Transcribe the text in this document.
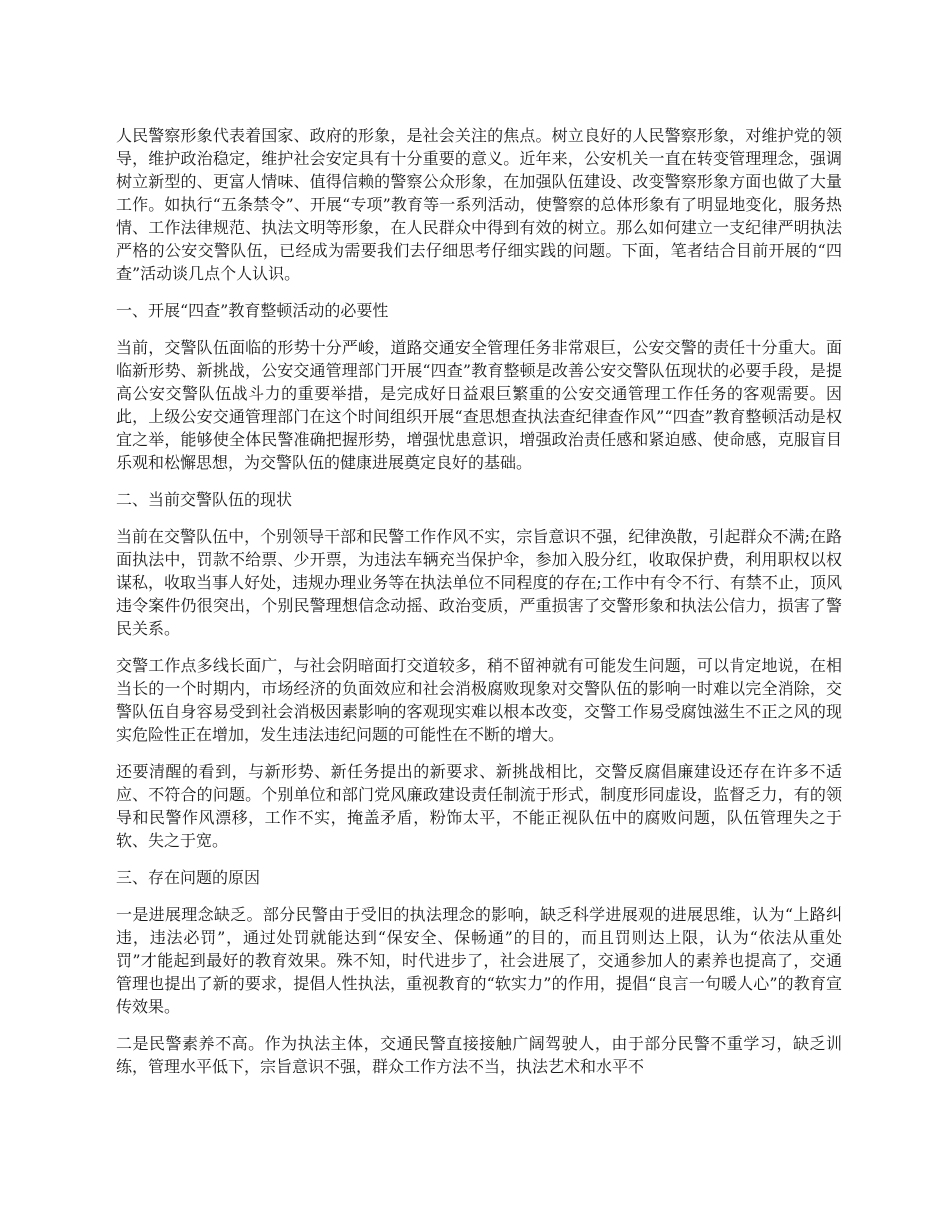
人民警察形象代表着国家、政府的形象，是社会关注的焦点。树立良好的人民警察形象，对维护党的领导，维护政治稳定，维护社会安定具有十分重要的意义。近年来，公安机关一直在转变管理理念，强调树立新型的、更富人情味、值得信赖的警察公众形象，在加强队伍建设、改变警察形象方面也做了大量工作。如执行“五条禁令”、开展“专项”教育等一系列活动，使警察的总体形象有了明显地变化，服务热情、工作法律规范、执法文明等形象，在人民群众中得到有效的树立。那么如何建立一支纪律严明执法严格的公安交警队伍，已经成为需要我们去仔细思考仔细实践的问题。下面，笔者结合目前开展的“四查”活动谈几点个人认识。

一、开展“四查”教育整顿活动的必要性

当前，交警队伍面临的形势十分严峻，道路交通安全管理任务非常艰巨，公安交警的责任十分重大。面临新形势、新挑战，公安交通管理部门开展“四查”教育整顿是改善公安交警队伍现状的必要手段，是提高公安交警队伍战斗力的重要举措，是完成好日益艰巨繁重的公安交通管理工作任务的客观需要。因此，上级公安交通管理部门在这个时间组织开展“查思想查执法查纪律查作风”“四查”教育整顿活动是权宜之举，能够使全体民警准确把握形势，增强忧患意识，增强政治责任感和紧迫感、使命感，克服盲目乐观和松懈思想，为交警队伍的健康进展奠定良好的基础。

二、当前交警队伍的现状

当前在交警队伍中，个别领导干部和民警工作作风不实，宗旨意识不强，纪律涣散，引起群众不满;在路面执法中，罚款不给票、少开票，为违法车辆充当保护伞，参加入股分红，收取保护费，利用职权以权谋私，收取当事人好处，违规办理业务等在执法单位不同程度的存在;工作中有令不行、有禁不止，顶风违令案件仍很突出，个别民警理想信念动摇、政治变质，严重损害了交警形象和执法公信力，损害了警民关系。

交警工作点多线长面广，与社会阴暗面打交道较多，稍不留神就有可能发生问题，可以肯定地说，在相当长的一个时期内，市场经济的负面效应和社会消极腐败现象对交警队伍的影响一时难以完全消除，交警队伍自身容易受到社会消极因素影响的客观现实难以根本改变，交警工作易受腐蚀滋生不正之风的现实危险性正在增加，发生违法违纪问题的可能性在不断的增大。

还要清醒的看到，与新形势、新任务提出的新要求、新挑战相比，交警反腐倡廉建设还存在许多不适应、不符合的问题。个别单位和部门党风廉政建设责任制流于形式，制度形同虚设，监督乏力，有的领导和民警作风漂移，工作不实，掩盖矛盾，粉饰太平，不能正视队伍中的腐败问题，队伍管理失之于软、失之于宽。

三、存在问题的原因

一是进展理念缺乏。部分民警由于受旧的执法理念的影响，缺乏科学进展观的进展思维，认为“上路纠违，违法必罚”，通过处罚就能达到“保安全、保畅通”的目的，而且罚则达上限，认为“依法从重处罚”才能起到最好的教育效果。殊不知，时代进步了，社会进展了，交通参加人的素养也提高了，交通管理也提出了新的要求，提倡人性执法，重视教育的“软实力”的作用，提倡“良言一句暖人心”的教育宣传效果。

二是民警素养不高。作为执法主体，交通民警直接接触广阔驾驶人，由于部分民警不重学习，缺乏训练，管理水平低下，宗旨意识不强，群众工作方法不当，执法艺术和水平不
